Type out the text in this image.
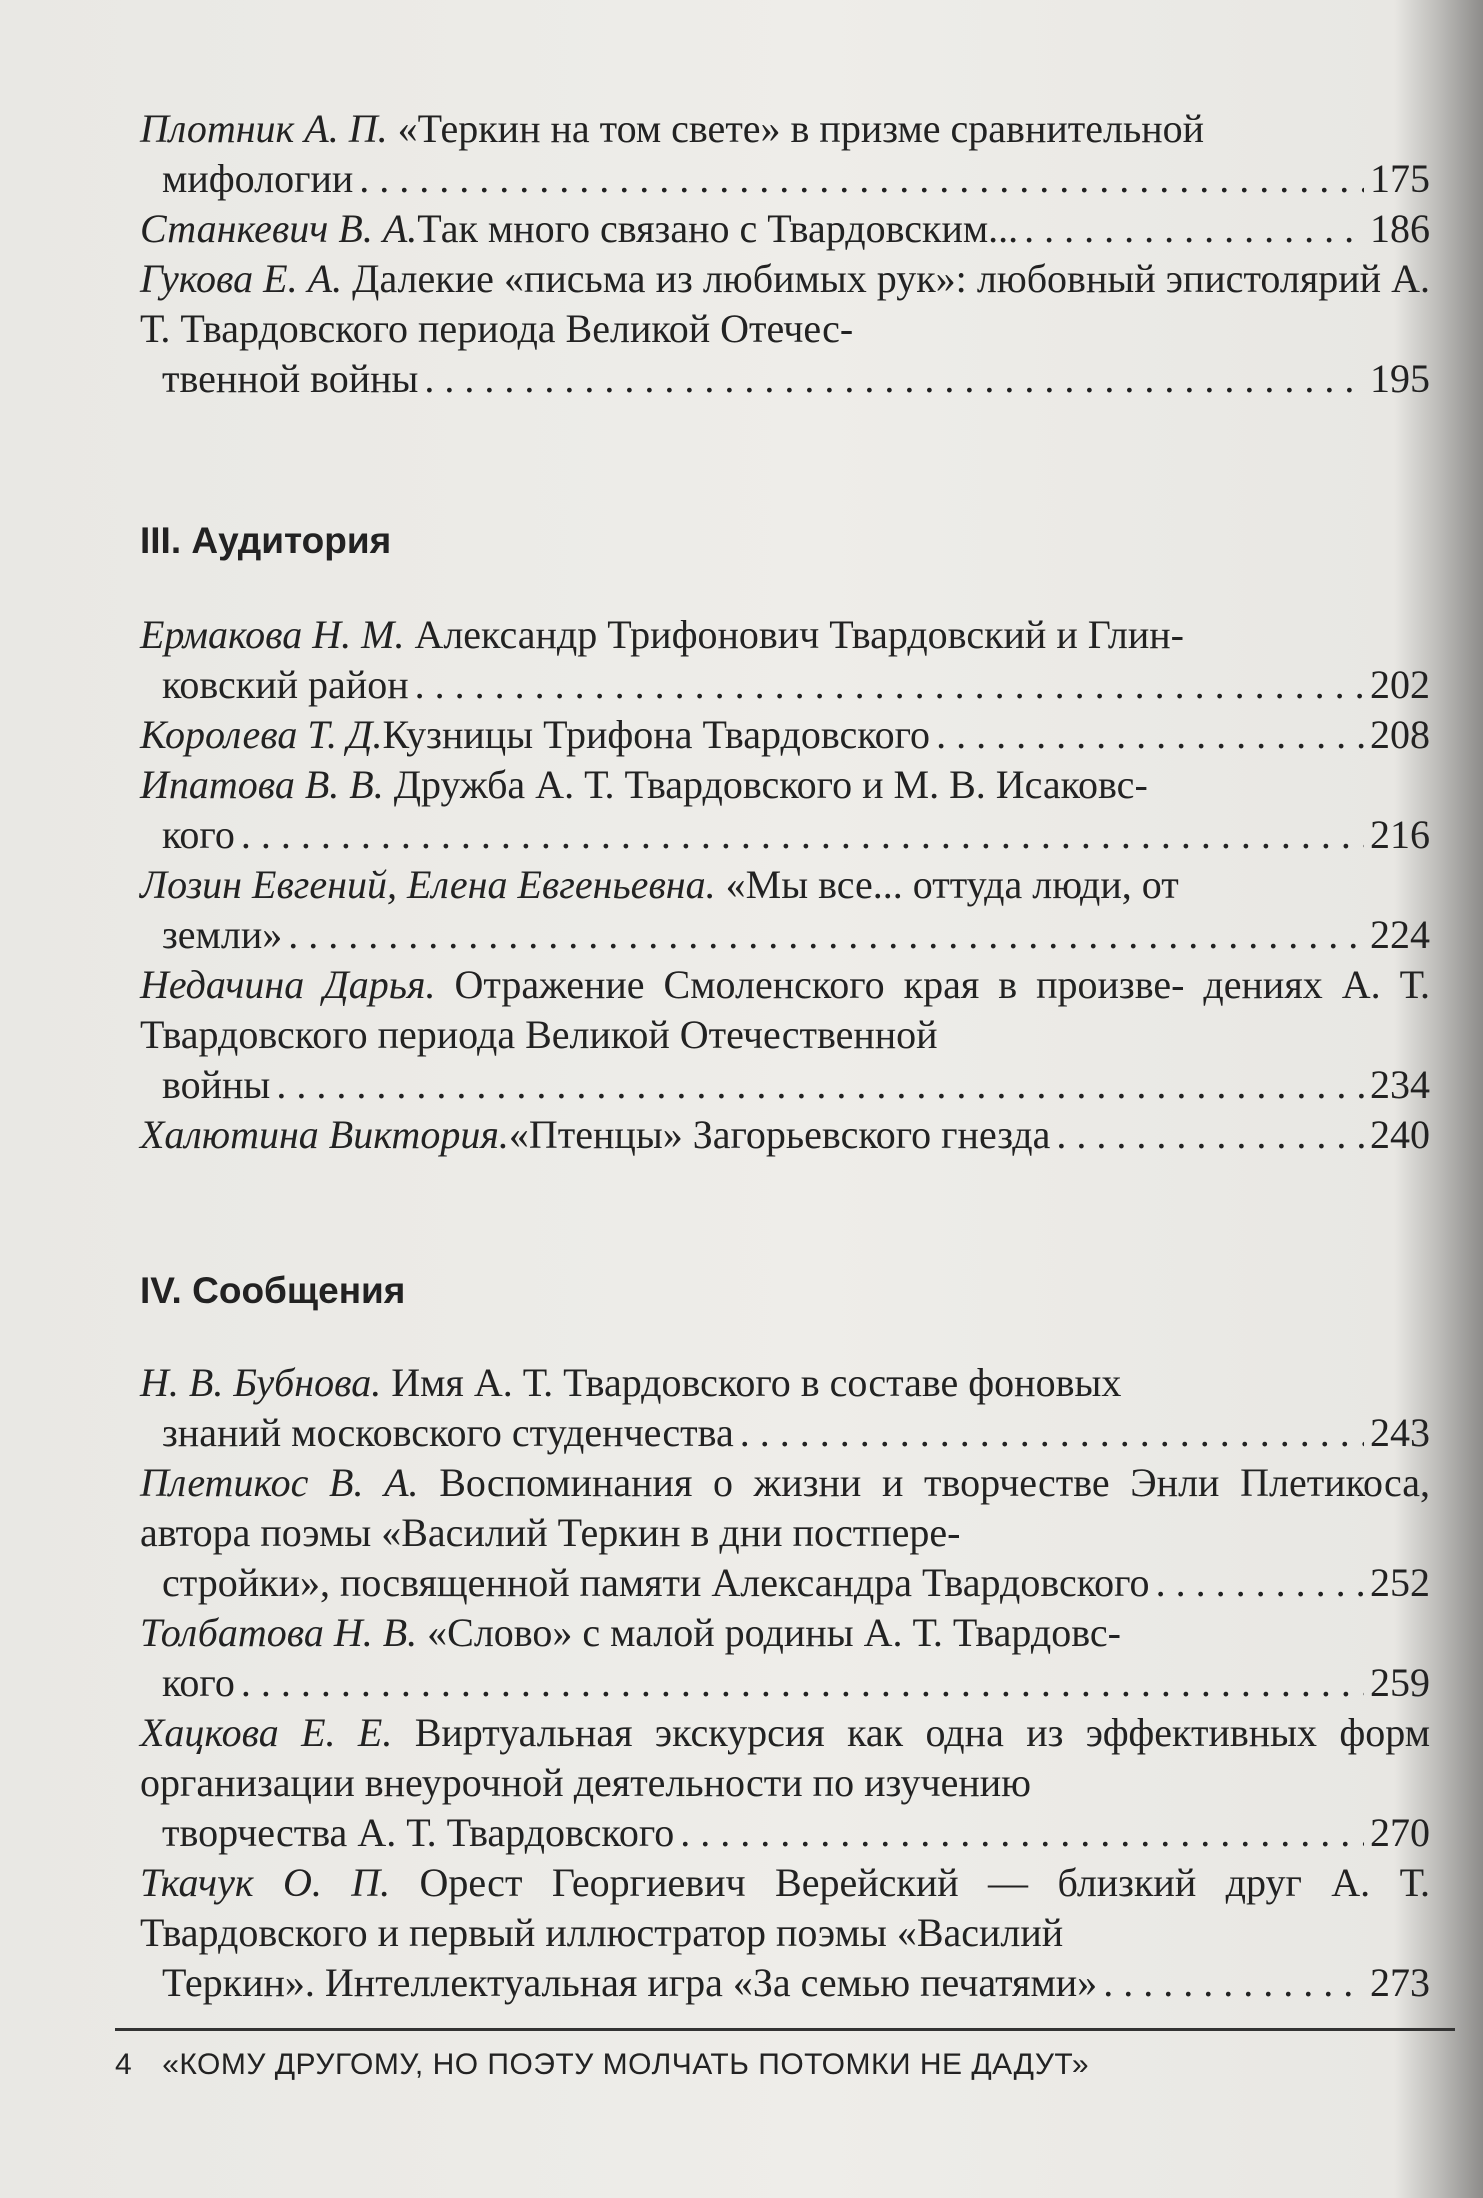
Плотник А. П. «Теркин на том свете» в призме сравнительной
мифологии . . .	175
Станкевич В. А. Так много связано с Твардовским... . . .	186
Гукова Е. А. Далекие «письма из любимых рук»: любовный эпистолярий А. Т. Твардовского периода Великой Отечес-
твенной войны . . .	195
III. Аудитория
Ермакова Н. М. Александр Трифонович Твардовский и Глин-
ковский район . . .	202
Королева Т. Д. Кузницы Трифона Твардовского . . .	208
Ипатова В. В. Дружба А. Т. Твардовского и М. В. Исаковс-
кого . . .	216
Лозин Евгений, Елена Евгеньевна. «Мы все... оттуда люди, от
земли» . . .	224
Недачина Дарья. Отражение Смоленского края в произве- дениях А. Т. Твардовского периода Великой Отечественной
войны . . .	234
Халютина Виктория. «Птенцы» Загорьевского гнезда . . .	240
IV. Сообщения
Н. В. Бубнова. Имя А. Т. Твардовского в составе фоновых
знаний московского студенчества . . .	243
Плетикос В. А. Воспоминания о жизни и творчестве Энли Плетикоса, автора поэмы «Василий Теркин в дни постпере-
стройки», посвященной памяти Александра Твардовского . . .	252
Толбатова Н. В. «Слово» с малой родины А. Т. Твардовс-
кого . . .	259
Хацкова Е. Е. Виртуальная экскурсия как одна из эффективных форм организации внеурочной деятельности по изучению
творчества А. Т. Твардовского . . .	270
Ткачук О. П. Орест Георгиевич Верейский — близкий друг А. Т. Твардовского и первый иллюстратор поэмы «Василий
Теркин». Интеллектуальная игра «За семью печатями» . . .	273
4 «КОМУ ДРУГОМУ, НО ПОЭТУ МОЛЧАТЬ ПОТОМКИ НЕ ДАДУТ»
